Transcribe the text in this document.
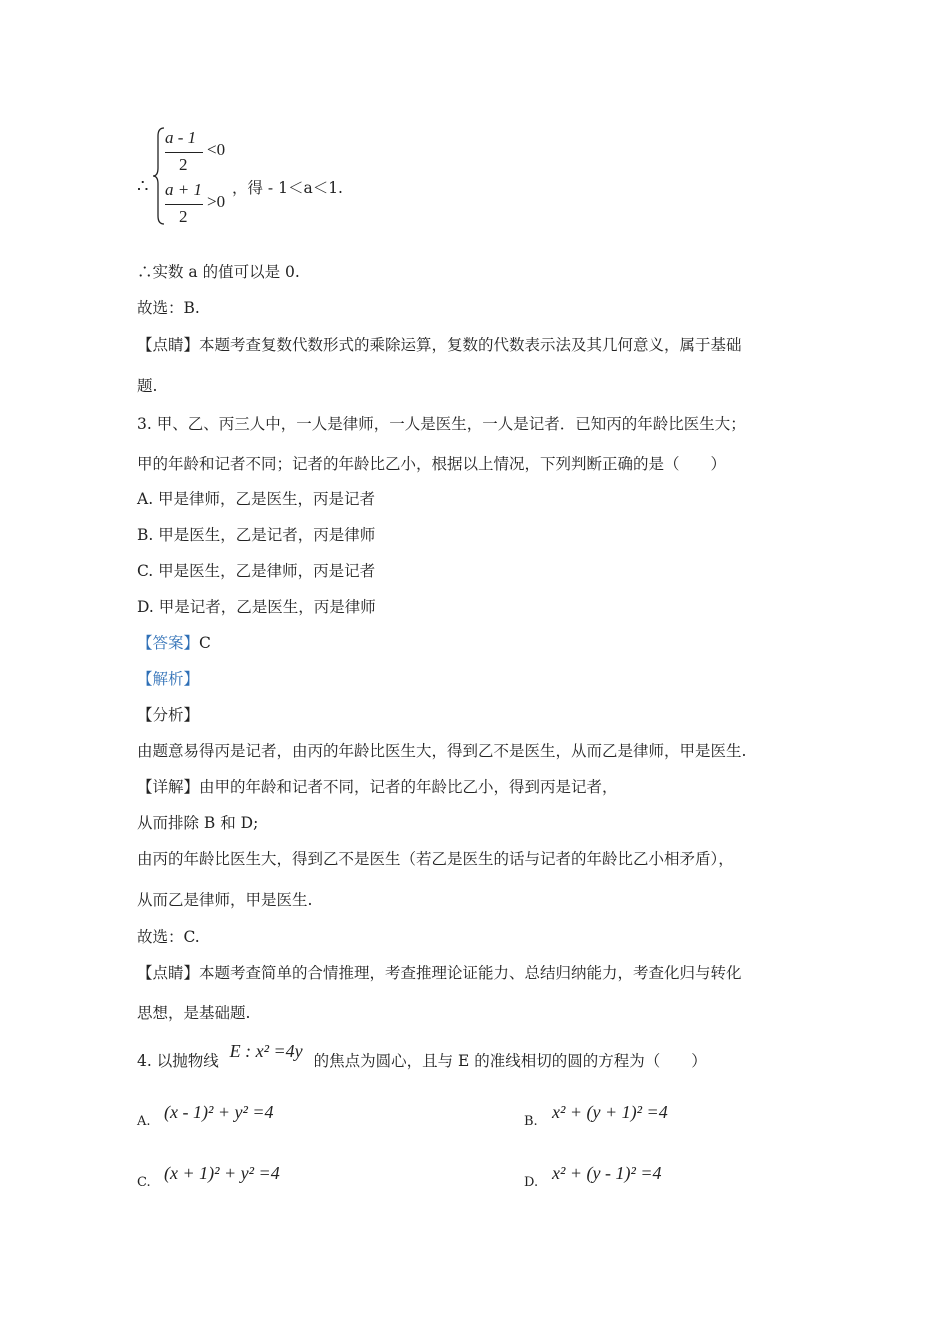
∴
a - 1
2
<0
a + 1
2
>0
，得 - 1＜a＜1.
∴实数 a 的值可以是 0.
故选：B.
【点睛】本题考查复数代数形式的乘除运算，复数的代数表示法及其几何意义，属于基础
题.
3. 甲、乙、丙三人中，一人是律师，一人是医生，一人是记者．已知丙的年龄比医生大；
甲的年龄和记者不同；记者的年龄比乙小，根据以上情况，下列判断正确的是（　　）
A. 甲是律师，乙是医生，丙是记者
B. 甲是医生，乙是记者，丙是律师
C. 甲是医生，乙是律师，丙是记者
D. 甲是记者，乙是医生，丙是律师
【答案】C
【解析】
【分析】
由题意易得丙是记者，由丙的年龄比医生大，得到乙不是医生，从而乙是律师，甲是医生.
【详解】由甲的年龄和记者不同，记者的年龄比乙小，得到丙是记者，
从而排除 B 和 D;
由丙的年龄比医生大，得到乙不是医生（若乙是医生的话与记者的年龄比乙小相矛盾），
从而乙是律师，甲是医生.
故选：C.
【点睛】本题考查简单的合情推理，考查推理论证能力、总结归纳能力，考查化归与转化
思想，是基础题.
4. 以抛物线 E : x² =4y 的焦点为圆心，且与 E 的准线相切的圆的方程为（　　）
A. (x - 1)² + y² =4	B. x² + (y + 1)² =4
C. (x + 1)² + y² =4	D. x² + (y - 1)² =4
